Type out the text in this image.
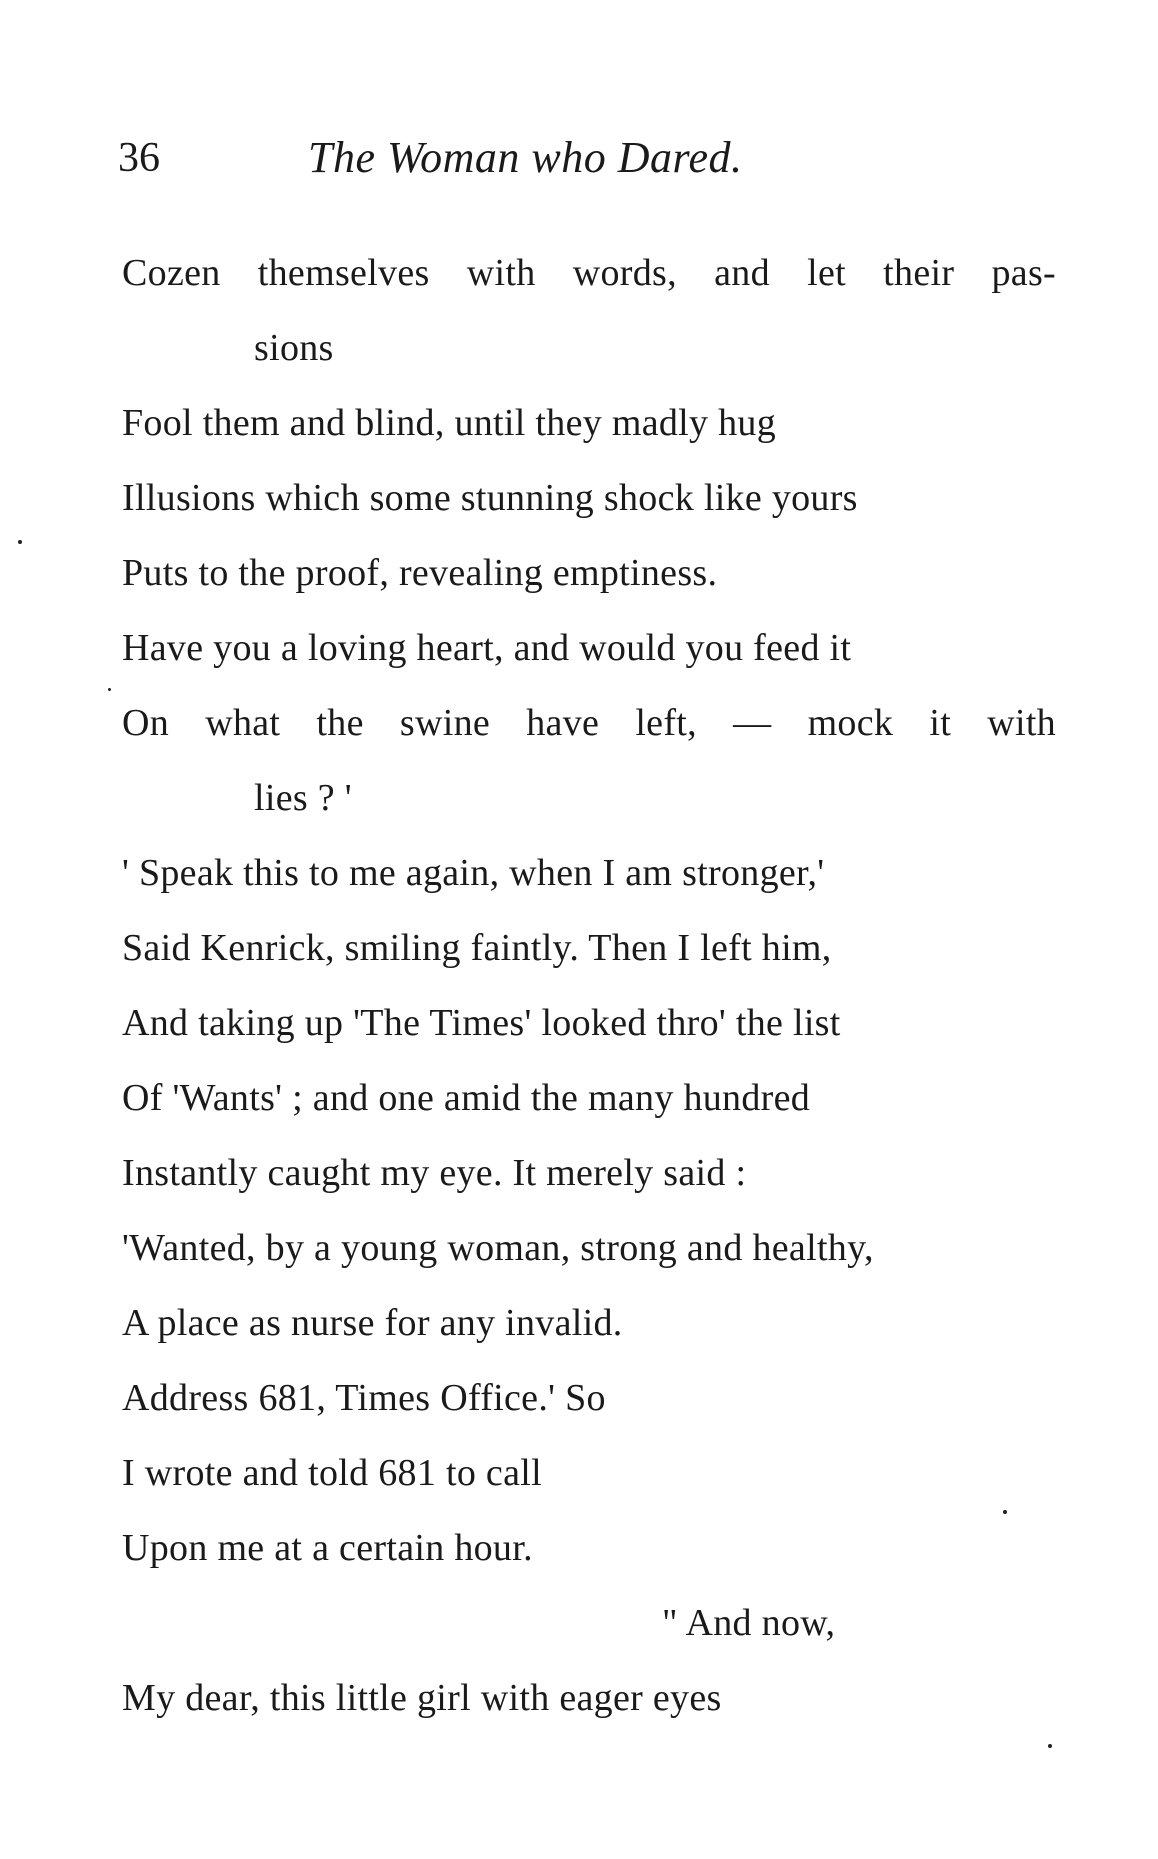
36	The Woman who Dared.
Cozen themselves with words, and let their pas-
sions
Fool them and blind, until they madly hug
Illusions which some stunning shock like yours
Puts to the proof, revealing emptiness.
Have you a loving heart, and would you feed it
On what the swine have left, — mock it with
lies ? '
' Speak this to me again, when I am stronger,'
Said Kenrick, smiling faintly. Then I left him,
And taking up 'The Times' looked thro' the list
Of 'Wants' ; and one amid the many hundred
Instantly caught my eye. It merely said :
'Wanted, by a young woman, strong and healthy,
A place as nurse for any invalid.
Address 681, Times Office.' So
I wrote and told 681 to call
Upon me at a certain hour.
" And now,
My dear, this little girl with eager eyes
